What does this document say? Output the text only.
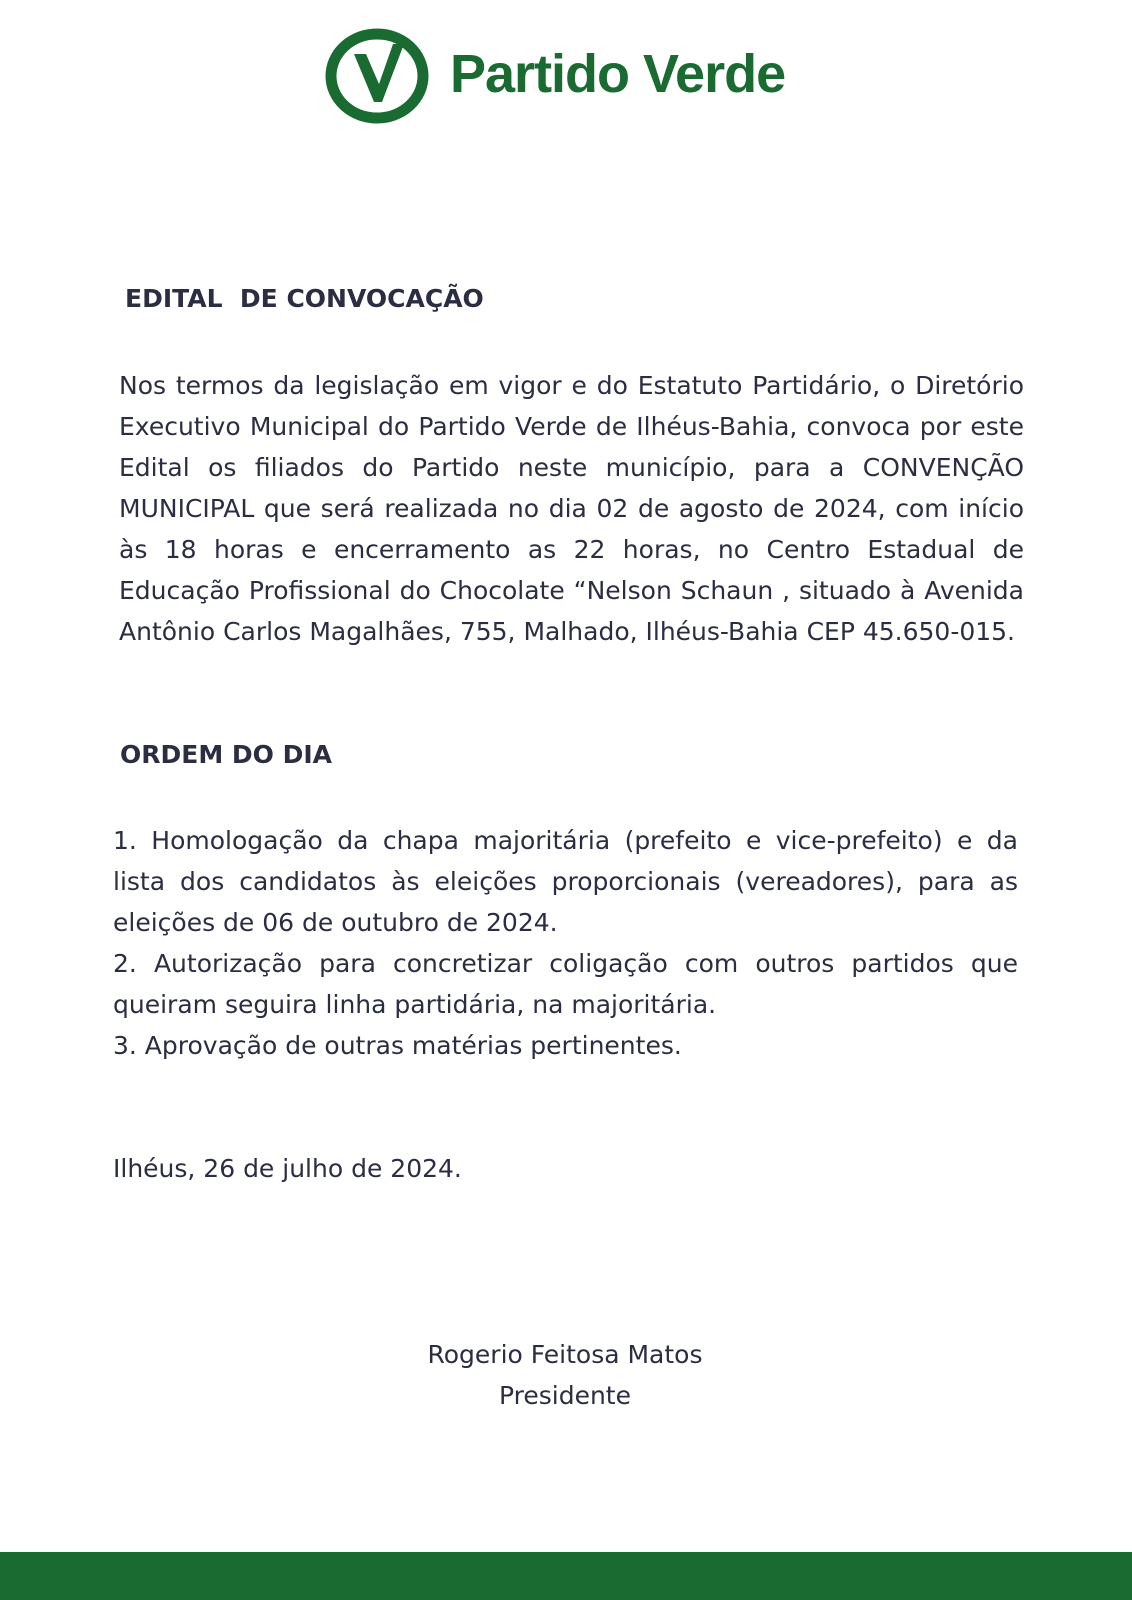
Partido Verde
EDITAL  DE CONVOCAÇÃO

Nos termos da legislação em vigor e do Estatuto Partidário, o Diretório Executivo Municipal do Partido Verde de Ilhéus-Bahia, convoca por este Edital os filiados do Partido neste município, para a CONVENÇÃO MUNICIPAL que será realizada no dia 02 de agosto de 2024, com início às 18 horas e encerramento as 22 horas, no Centro Estadual de Educação Profissional do Chocolate “Nelson Schaun , situado à Avenida Antônio Carlos Magalhães, 755, Malhado, Ilhéus-Bahia CEP 45.650-015.

ORDEM DO DIA
1. Homologação da chapa majoritária (prefeito e vice-prefeito) e da lista dos candidatos às eleições proporcionais (vereadores), para as eleições de 06 de outubro de 2024.
2. Autorização para concretizar coligação com outros partidos que queiram seguira linha partidária, na majoritária.
3. Aprovação de outras matérias pertinentes.
Ilhéus, 26 de julho de 2024.
Rogerio Feitosa Matos
Presidente
